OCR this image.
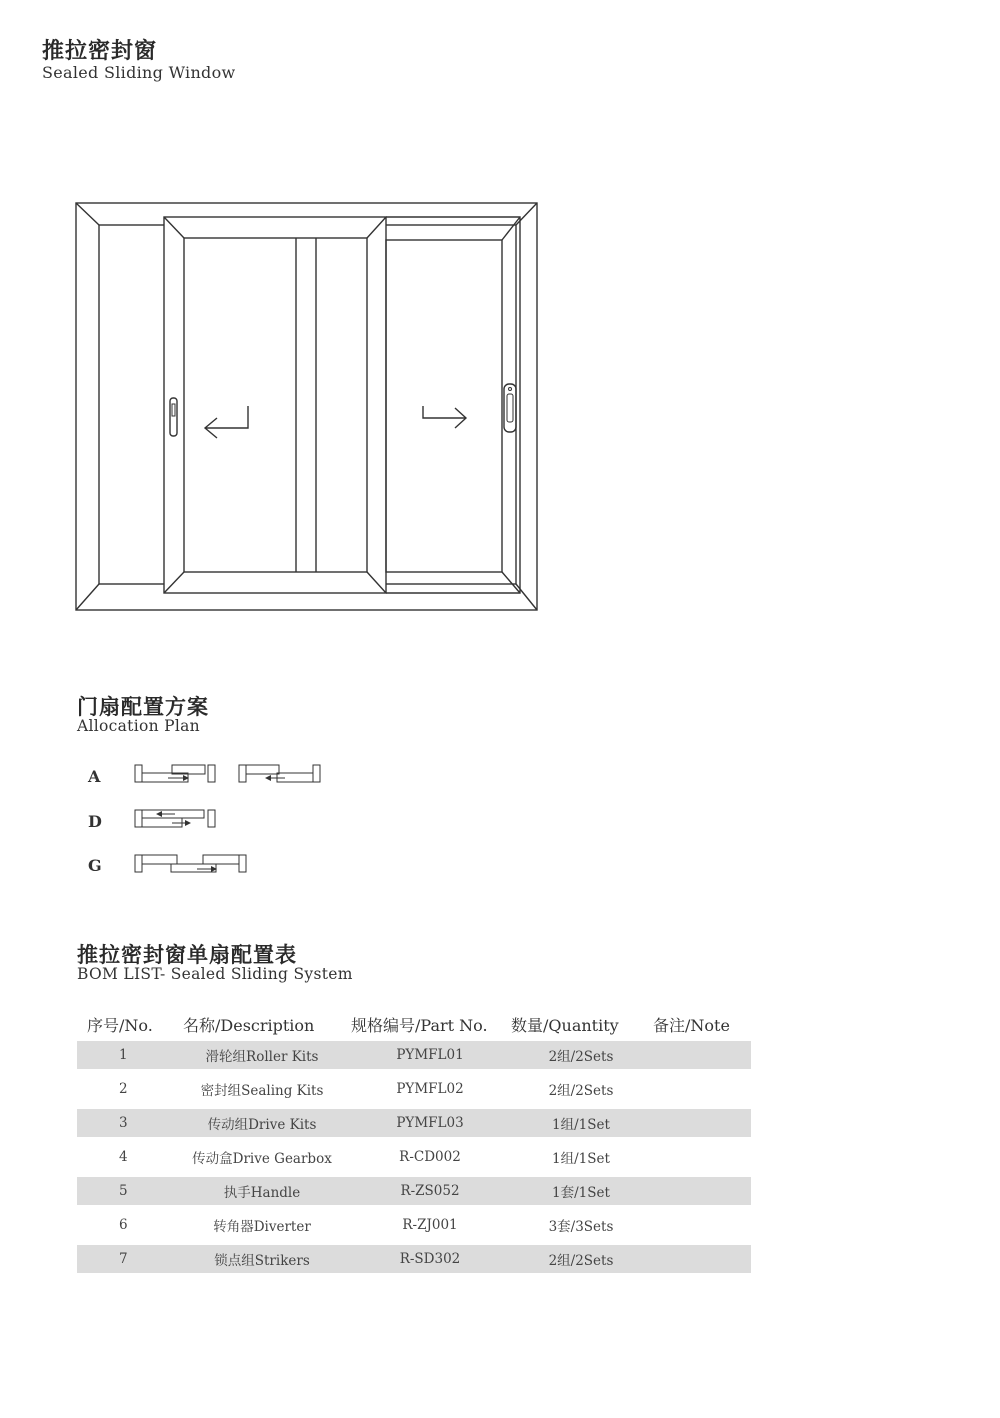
推拉密封窗
Sealed Sliding Window
门扇配置方案
Allocation Plan
A
D
G
推拉密封窗单扇配置表
BOM LIST- Sealed Sliding System
序号/No.	名称/Description	规格编号/Part No.	数量/Quantity	备注/Note
1	滑轮组Roller Kits	PYMFL01	2组/2Sets	
2	密封组Sealing Kits	PYMFL02	2组/2Sets	
3	传动组Drive Kits	PYMFL03	1组/1Set	
4	传动盒Drive Gearbox	R-CD002	1组/1Set	
5	执手Handle	R-ZS052	1套/1Set	
6	转角器Diverter	R-ZJ001	3套/3Sets	
7	锁点组Strikers	R-SD302	2组/2Sets	
